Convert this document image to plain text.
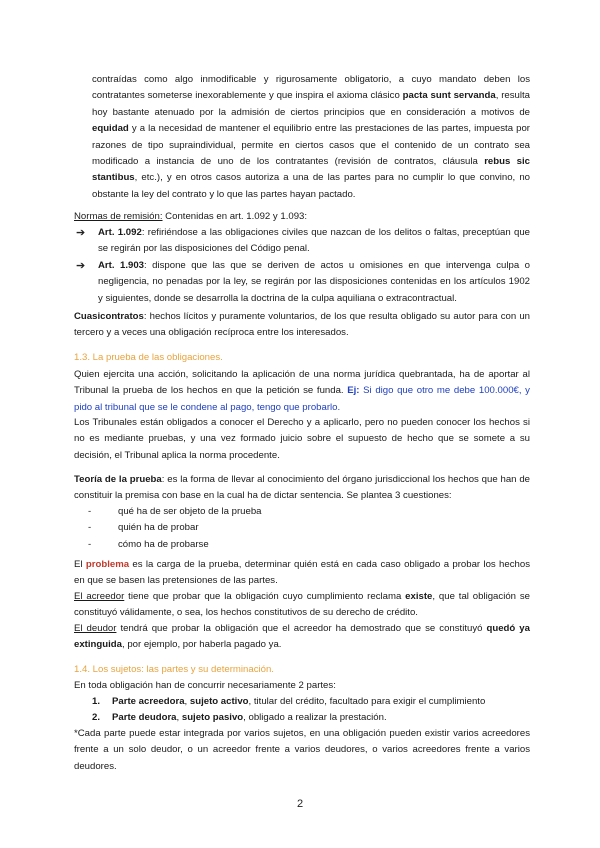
contraídas como algo inmodificable y rigurosamente obligatorio, a cuyo mandato deben los contratantes someterse inexorablemente y que inspira el axioma clásico pacta sunt servanda, resulta hoy bastante atenuado por la admisión de ciertos principios que en consideración a motivos de equidad y a la necesidad de mantener el equilibrio entre las prestaciones de las partes, impuesta por razones de tipo supraindividual, permite en ciertos casos que el contenido de un contrato sea modificado a instancia de uno de los contratantes (revisión de contratos, cláusula rebus sic stantibus, etc.), y en otros casos autoriza a una de las partes para no cumplir lo que convino, no obstante la ley del contrato y lo que las partes hayan pactado.

Normas de remisión: Contenidas en art. 1.092 y 1.093:

➔	Art. 1.092: refiriéndose a las obligaciones civiles que nazcan de los delitos o faltas, preceptúan que se regirán por las disposiciones del Código penal.

➔	Art. 1.903: dispone que las que se deriven de actos u omisiones en que intervenga culpa o negligencia, no penadas por la ley, se regirán por las disposiciones contenidas en los artículos 1902 y siguientes, donde se desarrolla la doctrina de la culpa aquiliana o extracontractual.

Cuasicontratos: hechos lícitos y puramente voluntarios, de los que resulta obligado su autor para con un tercero y a veces una obligación recíproca entre los interesados.

1.3. La prueba de las obligaciones.

Quien ejercita una acción, solicitando la aplicación de una norma jurídica quebrantada, ha de aportar al Tribunal la prueba de los hechos en que la petición se funda. Ej: Si digo que otro me debe 100.000€, y pido al tribunal que se le condene al pago, tengo que probarlo.

Los Tribunales están obligados a conocer el Derecho y a aplicarlo, pero no pueden conocer los hechos si no es mediante pruebas, y una vez formado juicio sobre el supuesto de hecho que se somete a su decisión, el Tribunal aplica la norma procedente.

Teoría de la prueba: es la forma de llevar al conocimiento del órgano jurisdiccional los hechos que han de constituir la premisa con base en la cual ha de dictar sentencia. Se plantea 3 cuestiones:

-	qué ha de ser objeto de la prueba
-	quién ha de probar
-	cómo ha de probarse

El problema es la carga de la prueba, determinar quién está en cada caso obligado a probar los hechos en que se basen las pretensiones de las partes.

El acreedor tiene que probar que la obligación cuyo cumplimiento reclama existe, que tal obligación se constituyó válidamente, o sea, los hechos constitutivos de su derecho de crédito.

El deudor tendrá que probar la obligación que el acreedor ha demostrado que se constituyó quedó ya extinguida, por ejemplo, por haberla pagado ya.

1.4. Los sujetos: las partes y su determinación.

En toda obligación han de concurrir necesariamente 2 partes:

1.	Parte acreedora, sujeto activo, titular del crédito, facultado para exigir el cumplimiento
2.	Parte deudora, sujeto pasivo, obligado a realizar la prestación.

*Cada parte puede estar integrada por varios sujetos, en una obligación pueden existir varios acreedores frente a un solo deudor, o un acreedor frente a varios deudores, o varios acreedores frente a varios deudores.

2
